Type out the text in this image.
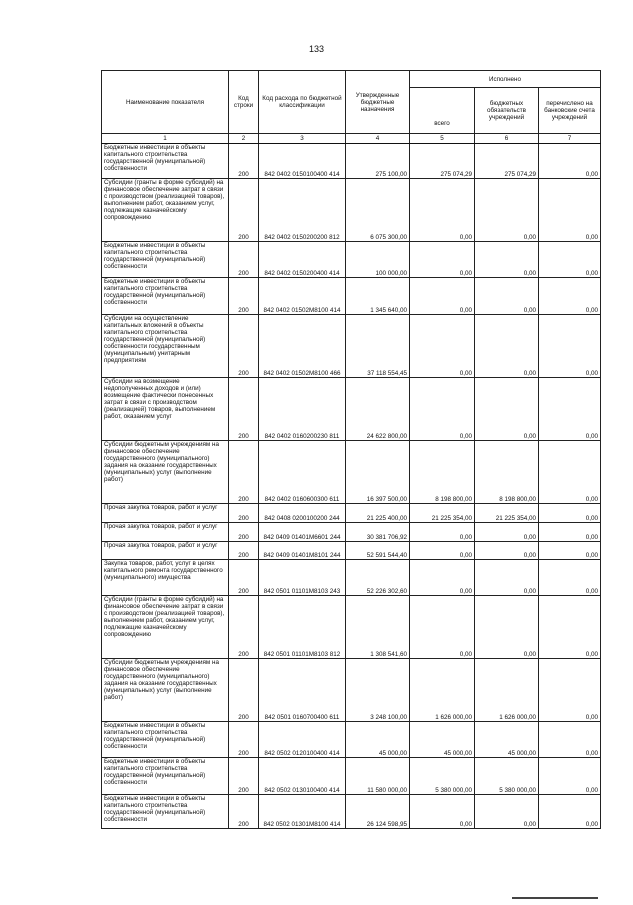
133
Наименование показателя	Код строки	Код расхода по бюджетной классификации	Утвержденные бюджетные назначения	Исполнено		
				всего	бюджетных обязательств учреждений	перечислено на банковские счета учреждений
1	2	3	4	5	6	7
Бюджетные инвестиции в объекты капитального строительства государственной (муниципальной) собственности	200	842 0402 0150100400 414	275 100,00	275 074,29	275 074,29	0,00
Субсидии (гранты в форме субсидий) на финансовое обеспечение затрат в связи с производством (реализацией товаров), выполнением работ, оказанием услуг, подлежащие казначейскому сопровождению	200	842 0402 0150200200 812	6 075 300,00	0,00	0,00	0,00
Бюджетные инвестиции в объекты капитального строительства государственной (муниципальной) собственности	200	842 0402 0150200400 414	100 000,00	0,00	0,00	0,00
Бюджетные инвестиции в объекты капитального строительства государственной (муниципальной) собственности	200	842 0402 01502M8100 414	1 345 640,00	0,00	0,00	0,00
Субсидии на осуществление капитальных вложений в объекты капитального строительства государственной (муниципальной) собственности государственным (муниципальным) унитарным предприятиям	200	842 0402 01502M8100 466	37 118 554,45	0,00	0,00	0,00
Субсидии на возмещение недополученных доходов и (или) возмещение фактически понесенных затрат в связи с производством (реализацией) товаров, выполнением работ, оказанием услуг	200	842 0402 0160200230 811	24 622 800,00	0,00	0,00	0,00
Субсидии бюджетным учреждениям на финансовое обеспечение государственного (муниципального) задания на оказание государственных (муниципальных) услуг (выполнение работ)	200	842 0402 0160600300 611	16 397 500,00	8 198 800,00	8 198 800,00	0,00
Прочая закупка товаров, работ и услуг	200	842 0408 0200100200 244	21 225 400,00	21 225 354,00	21 225 354,00	0,00
Прочая закупка товаров, работ и услуг	200	842 0409 01401M6601 244	30 381 706,92	0,00	0,00	0,00
Прочая закупка товаров, работ и услуг	200	842 0409 01401M8101 244	52 591 544,40	0,00	0,00	0,00
Закупка товаров, работ, услуг в целях капитального ремонта государственного (муниципального) имущества	200	842 0501 01101M8103 243	52 226 302,60	0,00	0,00	0,00
Субсидии (гранты в форме субсидий) на финансовое обеспечение затрат в связи с производством (реализацией товаров), выполнением работ, оказанием услуг, подлежащие казначейскому сопровождению	200	842 0501 01101M8103 812	1 308 541,60	0,00	0,00	0,00
Субсидии бюджетным учреждениям на финансовое обеспечение государственного (муниципального) задания на оказание государственных (муниципальных) услуг (выполнение работ)	200	842 0501 0160700400 611	3 248 100,00	1 626 000,00	1 626 000,00	0,00
Бюджетные инвестиции в объекты капитального строительства государственной (муниципальной) собственности	200	842 0502 0120100400 414	45 000,00	45 000,00	45 000,00	0,00
Бюджетные инвестиции в объекты капитального строительства государственной (муниципальной) собственности	200	842 0502 0130100400 414	11 580 000,00	5 380 000,00	5 380 000,00	0,00
Бюджетные инвестиции в объекты капитального строительства государственной (муниципальной) собственности	200	842 0502 01301M8100 414	26 124 598,95	0,00	0,00	0,00
